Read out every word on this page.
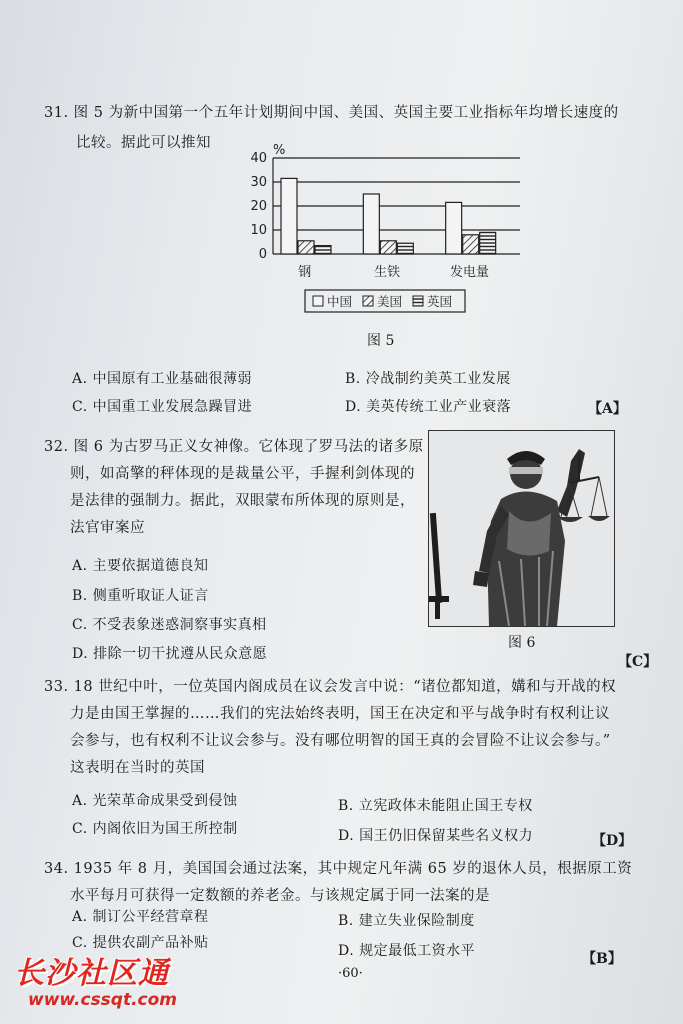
31. 图 5 为新中国第一个五年计划期间中国、美国、英国主要工业指标年均增长速度的
比较。据此可以推知
0
10
20
30
40
钢	生铁	发电量
%
中国 美国 英国
图 5
A. 中国原有工业基础很薄弱	B. 冷战制约美英工业发展
C. 中国重工业发展急躁冒进	D. 美英传统工业产业衰落	【A】
32. 图 6 为古罗马正义女神像。它体现了罗马法的诸多原
则，如高擎的秤体现的是裁量公平，手握利剑体现的
是法律的强制力。据此，双眼蒙布所体现的原则是，
法官审案应
图 6
A. 主要依据道德良知
B. 侧重听取证人证言
C. 不受表象迷惑洞察事实真相
D. 排除一切干扰遵从民众意愿	【C】
33. 18 世纪中叶，一位英国内阁成员在议会发言中说：“诸位都知道，媾和与开战的权
力是由国王掌握的……我们的宪法始终表明，国王在决定和平与战争时有权利让议
会参与，也有权利不让议会参与。没有哪位明智的国王真的会冒险不让议会参与。”
这表明在当时的英国
A. 光荣革命成果受到侵蚀	B. 立宪政体未能阻止国王专权
C. 内阁依旧为国王所控制	D. 国王仍旧保留某些名义权力	【D】
34. 1935 年 8 月，美国国会通过法案，其中规定凡年满 65 岁的退休人员，根据原工资
水平每月可获得一定数额的养老金。与该规定属于同一法案的是
A. 制订公平经营章程	B. 建立失业保险制度
C. 提供农副产品补贴	D. 规定最低工资水平	【B】
·60·
长沙社区通
www.cssqt.com
